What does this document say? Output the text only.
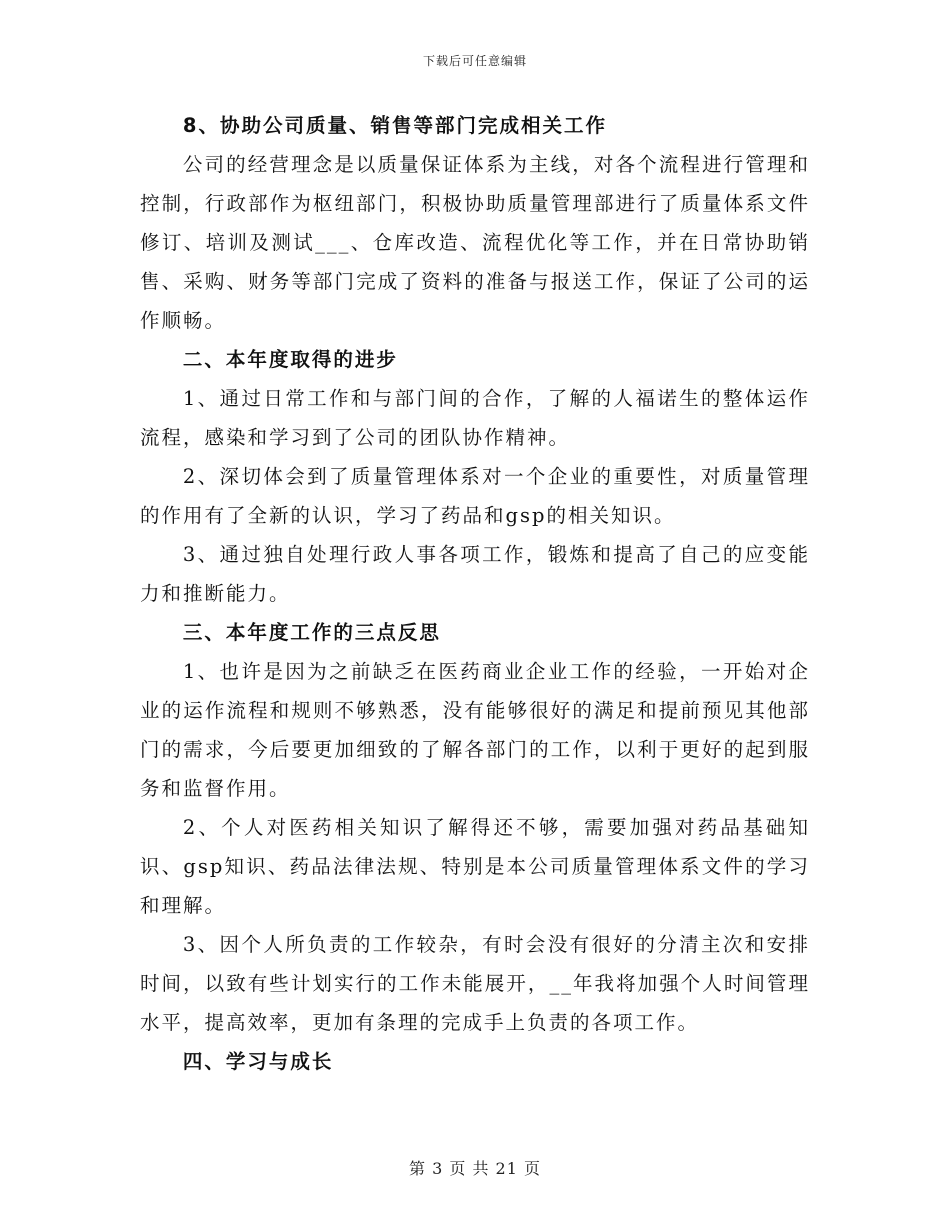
下载后可任意编辑

8、协助公司质量、销售等部门完成相关工作

公司的经营理念是以质量保证体系为主线，对各个流程进行管理和控制，行政部作为枢纽部门，积极协助质量管理部进行了质量体系文件修订、培训及测试___、仓库改造、流程优化等工作，并在日常协助销售、采购、财务等部门完成了资料的准备与报送工作，保证了公司的运作顺畅。

二、本年度取得的进步

1、通过日常工作和与部门间的合作，了解的人福诺生的整体运作流程，感染和学习到了公司的团队协作精神。

2、深切体会到了质量管理体系对一个企业的重要性，对质量管理的作用有了全新的认识，学习了药品和gsp的相关知识。

3、通过独自处理行政人事各项工作，锻炼和提高了自己的应变能力和推断能力。

三、本年度工作的三点反思

1、也许是因为之前缺乏在医药商业企业工作的经验，一开始对企业的运作流程和规则不够熟悉，没有能够很好的满足和提前预见其他部门的需求，今后要更加细致的了解各部门的工作，以利于更好的起到服务和监督作用。

2、个人对医药相关知识了解得还不够，需要加强对药品基础知识、gsp知识、药品法律法规、特别是本公司质量管理体系文件的学习和理解。

3、因个人所负责的工作较杂，有时会没有很好的分清主次和安排时间，以致有些计划实行的工作未能展开，__年我将加强个人时间管理水平，提高效率，更加有条理的完成手上负责的各项工作。

四、学习与成长

第 3 页 共 21 页
